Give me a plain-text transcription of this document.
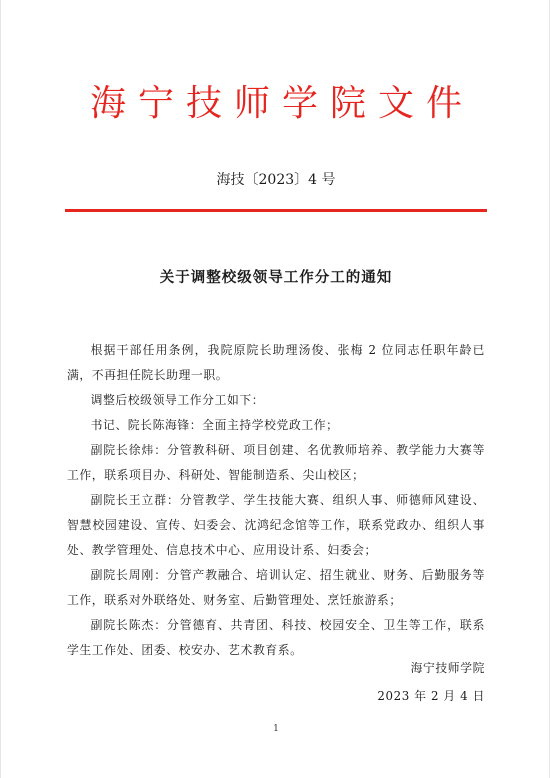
海宁技师学院文件
海技〔2023〕4 号
关于调整校级领导工作分工的通知

根据干部任用条例，我院原院长助理汤俊、张梅 2 位同志任职年龄已满，不再担任院长助理一职。

调整后校级领导工作分工如下：

书记、院长陈海锋：全面主持学校党政工作；

副院长徐炜：分管教科研、项目创建、名优教师培养、教学能力大赛等工作，联系项目办、科研处、智能制造系、尖山校区；

副院长王立群：分管教学、学生技能大赛、组织人事、师德师风建设、智慧校园建设、宣传、妇委会、沈鸿纪念馆等工作，联系党政办、组织人事处、教学管理处、信息技术中心、应用设计系、妇委会；

副院长周刚：分管产教融合、培训认定、招生就业、财务、后勤服务等工作，联系对外联络处、财务室、后勤管理处、烹饪旅游系；

副院长陈杰：分管德育、共青团、科技、校园安全、卫生等工作，联系学生工作处、团委、校安办、艺术教育系。

海宁技师学院
2023 年 2 月 4 日
1
